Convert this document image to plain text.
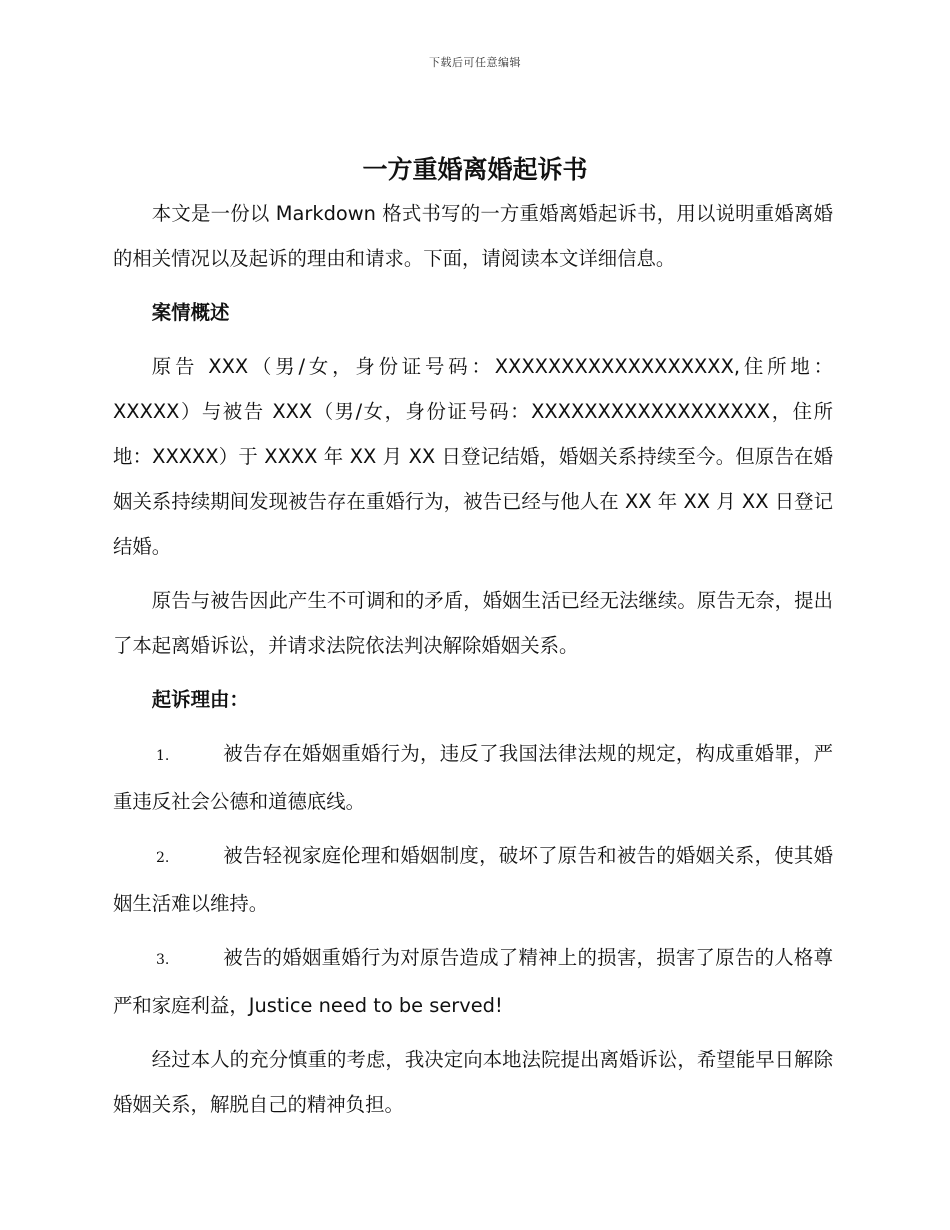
下载后可任意编辑
一方重婚离婚起诉书

本文是一份以 Markdown 格式书写的一方重婚离婚起诉书，用以说明重婚离婚的相关情况以及起诉的理由和请求。下面，请阅读本文详细信息。

案情概述

原告 XXX（男/女，身份证号码：XXXXXXXXXXXXXXXXXX,住所地：XXXXX）与被告 XXX（男/女，身份证号码：XXXXXXXXXXXXXXXXXX，住所地：XXXXX）于 XXXX 年 XX 月 XX 日登记结婚，婚姻关系持续至今。但原告在婚姻关系持续期间发现被告存在重婚行为，被告已经与他人在 XX 年 XX 月 XX 日登记结婚。

原告与被告因此产生不可调和的矛盾，婚姻生活已经无法继续。原告无奈，提出了本起离婚诉讼，并请求法院依法判决解除婚姻关系。

起诉理由：

1.	被告存在婚姻重婚行为，违反了我国法律法规的规定，构成重婚罪，严重违反社会公德和道德底线。

2.	被告轻视家庭伦理和婚姻制度，破坏了原告和被告的婚姻关系，使其婚姻生活难以维持。

3.	被告的婚姻重婚行为对原告造成了精神上的损害，损害了原告的人格尊严和家庭利益，Justice need to be served!

经过本人的充分慎重的考虑，我决定向本地法院提出离婚诉讼，希望能早日解除婚姻关系，解脱自己的精神负担。
